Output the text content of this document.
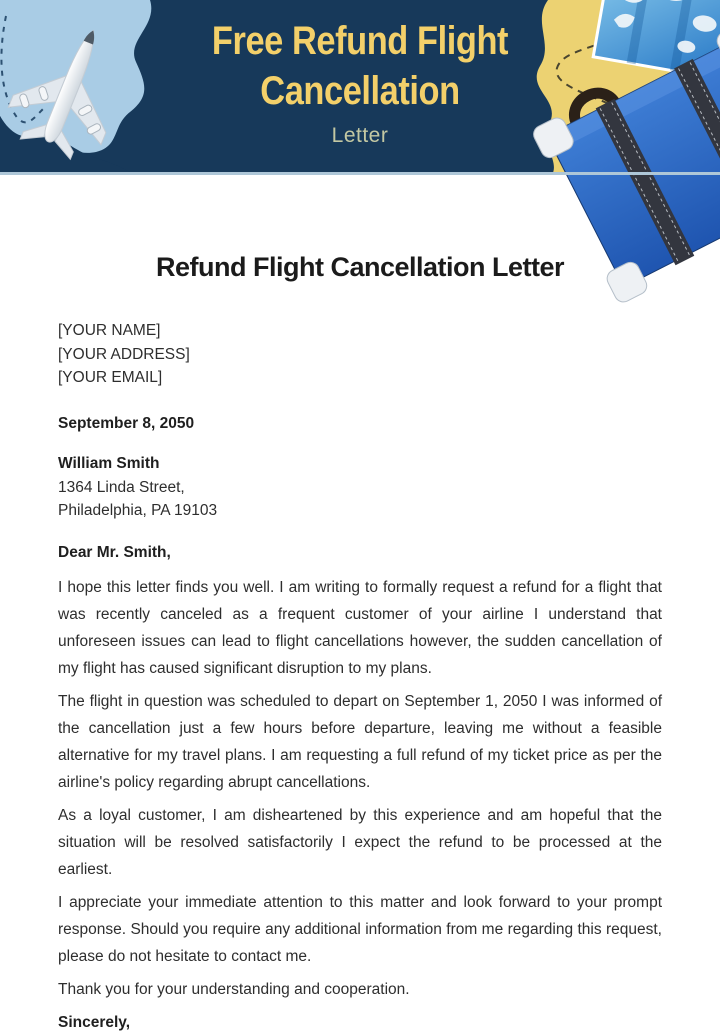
Free Refund Flight
Cancellation
Letter
Refund Flight Cancellation Letter

[YOUR NAME]

[YOUR ADDRESS]

[YOUR EMAIL]

September 8, 2050

William Smith

1364 Linda Street,

Philadelphia, PA 19103

Dear Mr. Smith,

I hope this letter finds you well. I am writing to formally request a refund for a flight that was recently canceled as a frequent customer of your airline I understand that unforeseen issues can lead to flight cancellations however, the sudden cancellation of my flight has caused significant disruption to my plans.

The flight in question was scheduled to depart on September 1, 2050 I was informed of the cancellation just a few hours before departure, leaving me without a feasible alternative for my travel plans. I am requesting a full refund of my ticket price as per the airline's policy regarding abrupt cancellations.

As a loyal customer, I am disheartened by this experience and am hopeful that the situation will be resolved satisfactorily I expect the refund to be processed at the earliest.

I appreciate your immediate attention to this matter and look forward to your prompt response. Should you require any additional information from me regarding this request, please do not hesitate to contact me.

Thank you for your understanding and cooperation.

Sincerely,
